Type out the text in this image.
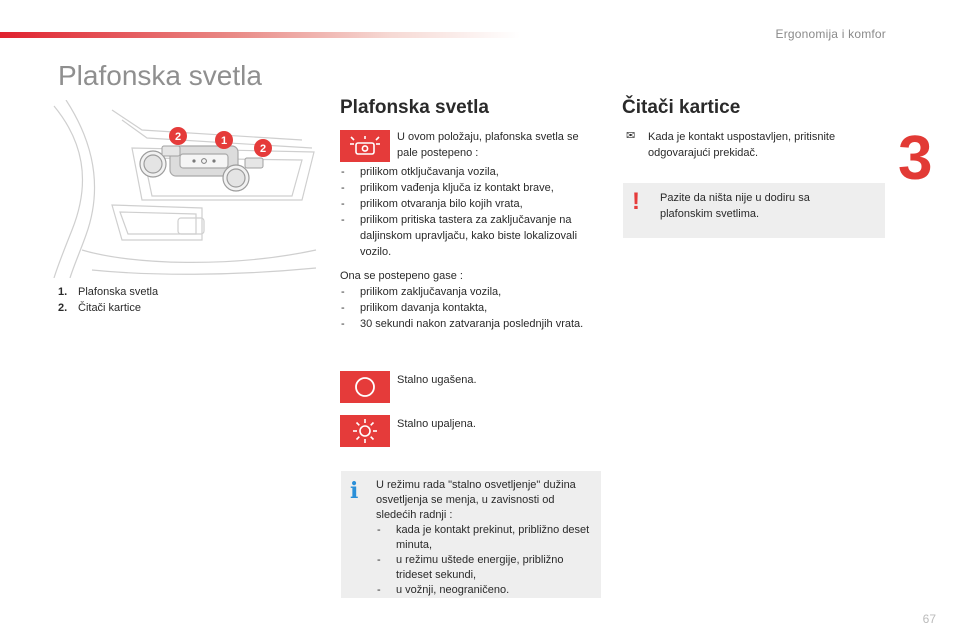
Ergonomija i komfor
3
67
Plafonska svetla
2	1
2
1. Plafonska svetla
2. Čitači kartice
Plafonska svetla
U ovom položaju, plafonska svetla se pale postepeno :
- prilikom otključavanja vozila,
- prilikom vađenja ključa iz kontakt brave,
- prilikom otvaranja bilo kojih vrata,
- prilikom pritiska tastera za zaključavanje na daljinskom upravljaču, kako biste lokalizovali vozilo.
Ona se postepeno gase :
- prilikom zaključavanja vozila,
- prilikom davanja kontakta,
- 30 sekundi nakon zatvaranja poslednjih vrata.
Stalno ugašena.
Stalno upaljena.
i U režimu rada "stalno osvetljenje" dužina osvetljenja se menja, u zavisnosti od sledećih radnji :
- kada je kontakt prekinut, približno deset minuta,
- u režimu uštede energije, približno trideset sekundi,
- u vožnji, neograničeno.
Čitači kartice
✉ Kada je kontakt uspostavljen, pritisnite odgovarajući prekidač.
! Pazite da ništa nije u dodiru sa plafonskim svetlima.
